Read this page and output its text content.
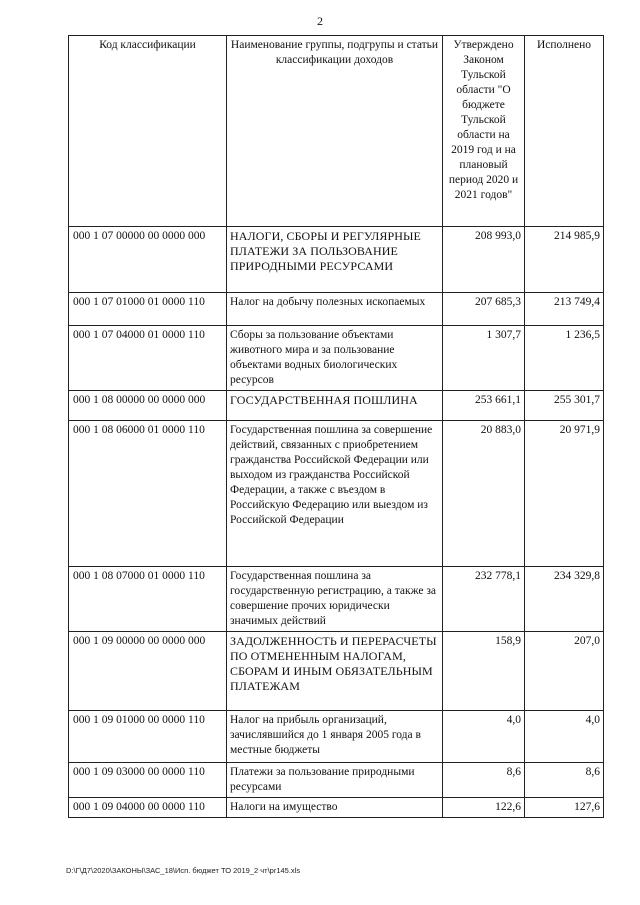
2
Код классификации	Наименование группы, подгрупы и статьи классификации доходов	Утверждено Законом Тульской области "О бюджете Тульской области на 2019 год и на плановый период 2020 и 2021 годов"	Исполнено
000 1 07 00000 00 0000 000	НАЛОГИ, СБОРЫ И РЕГУЛЯРНЫЕ ПЛАТЕЖИ ЗА ПОЛЬЗОВАНИЕ ПРИРОДНЫМИ РЕСУРСАМИ	208 993,0	214 985,9
000 1 07 01000 01 0000 110	Налог на добычу полезных ископаемых	207 685,3	213 749,4
000 1 07 04000 01 0000 110	Сборы за пользование объектами животного мира и за пользование объектами водных биологических ресурсов	1 307,7	1 236,5
000 1 08 00000 00 0000 000	ГОСУДАРСТВЕННАЯ ПОШЛИНА	253 661,1	255 301,7
000 1 08 06000 01 0000 110	Государственная пошлина за совершение действий, связанных с приобретением гражданства Российской Федерации или выходом из гражданства Российской Федерации, а также с въездом в Российскую Федерацию или выездом из Российской Федерации	20 883,0	20 971,9
000 1 08 07000 01 0000 110	Государственная пошлина за государственную регистрацию, а также за совершение прочих юридически значимых действий	232 778,1	234 329,8
000 1 09 00000 00 0000 000	ЗАДОЛЖЕННОСТЬ И ПЕРЕРАСЧЕТЫ ПО ОТМЕНЕННЫМ НАЛОГАМ, СБОРАМ И ИНЫМ ОБЯЗАТЕЛЬНЫМ ПЛАТЕЖАМ	158,9	207,0
000 1 09 01000 00 0000 110	Налог на прибыль организаций, зачислявшийся до 1 января 2005 года в местные бюджеты	4,0	4,0
000 1 09 03000 00 0000 110	Платежи за пользование природными ресурсами	8,6	8,6
000 1 09 04000 00 0000 110	Налоги на имущество	122,6	127,6
D:\Г\Д7\2020\ЗАКОНЫ\ЗАС_18\Исп. бюджет ТО 2019_2 чт\pr145.xls
